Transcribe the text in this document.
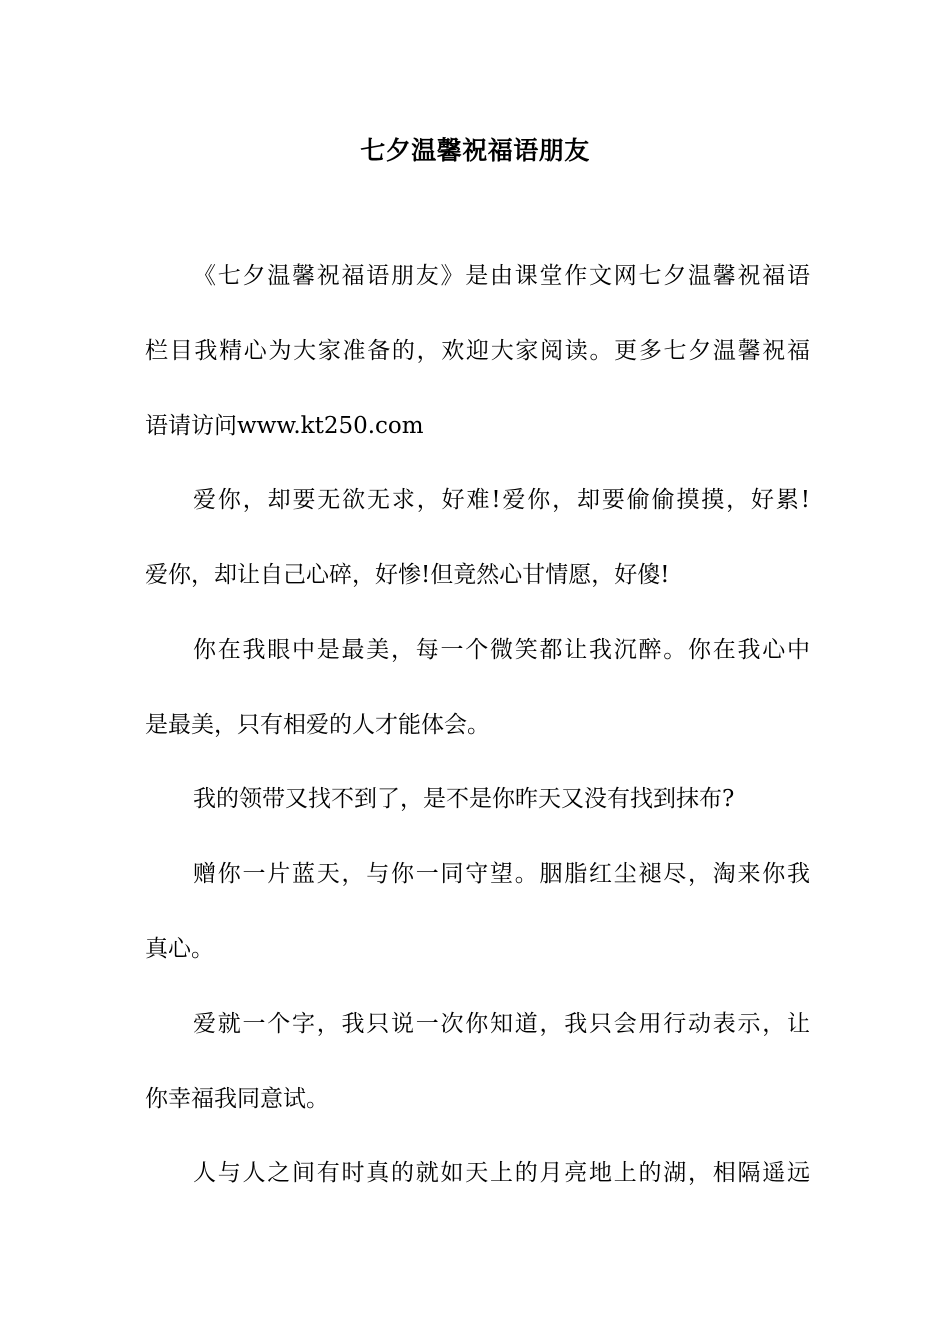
七夕温馨祝福语朋友
《七夕温馨祝福语朋友》是由课堂作文网七夕温馨祝福语
栏目我精心为大家准备的，欢迎大家阅读。更多七夕温馨祝福
语请访问www.kt250.com
爱你，却要无欲无求，好难!爱你，却要偷偷摸摸，好累!
爱你，却让自己心碎，好惨!但竟然心甘情愿，好傻!
你在我眼中是最美，每一个微笑都让我沉醉。你在我心中
是最美，只有相爱的人才能体会。
我的领带又找不到了，是不是你昨天又没有找到抹布?
赠你一片蓝天，与你一同守望。胭脂红尘褪尽，淘来你我
真心。
爱就一个字，我只说一次你知道，我只会用行动表示，让
你幸福我同意试。
人与人之间有时真的就如天上的月亮地上的湖，相隔遥远
